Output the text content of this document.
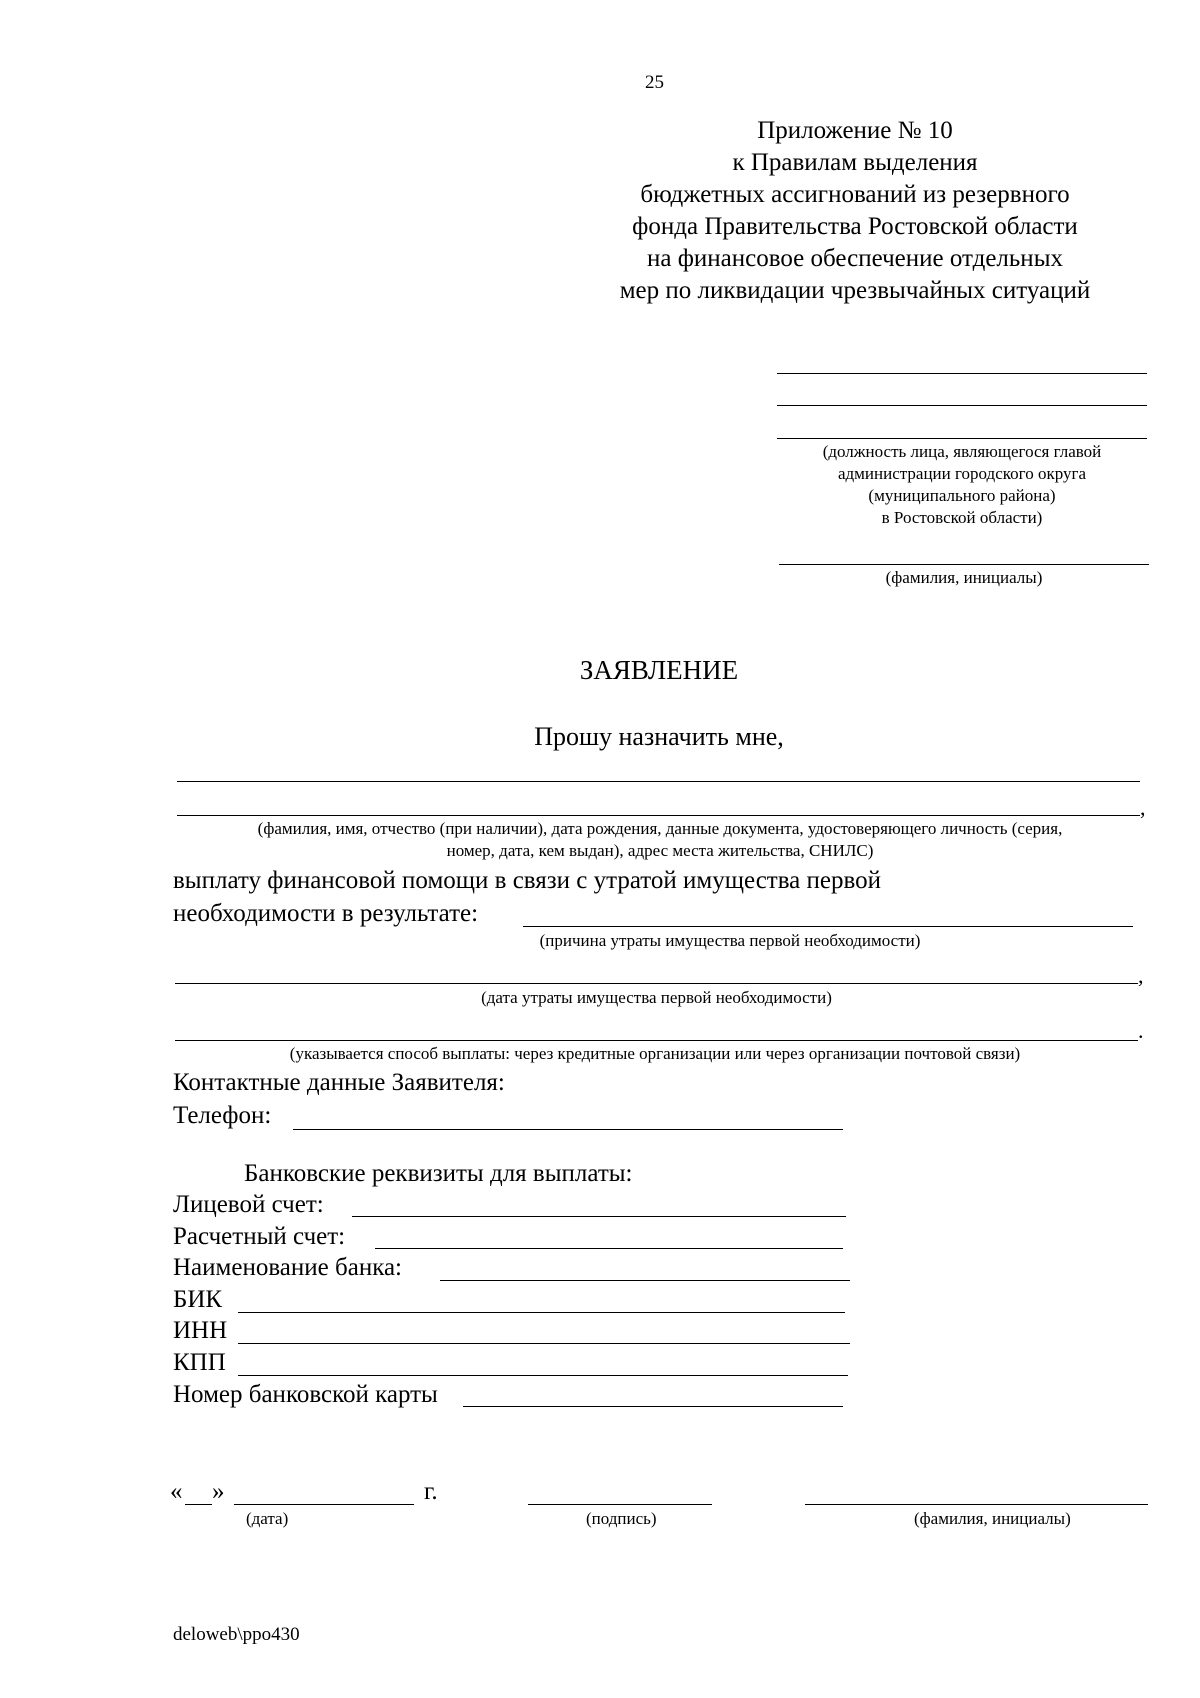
25
Приложение № 10
к Правилам выделения
бюджетных ассигнований из резервного
фонда Правительства Ростовской области
на финансовое обеспечение отдельных
мер по ликвидации чрезвычайных ситуаций
(должность лица, являющегося главой
администрации городского округа
(муниципального района)
в Ростовской области)
(фамилия, инициалы)
ЗАЯВЛЕНИЕ
Прошу назначить мне,
,
(фамилия, имя, отчество (при наличии), дата рождения, данные документа, удостоверяющего личность (серия,
номер, дата, кем выдан), адрес места жительства, СНИЛС)
выплату финансовой помощи в связи с утратой имущества первой
необходимости в результате:
(причина утраты имущества первой необходимости)
,
(дата утраты имущества первой необходимости)
.
(указывается способ выплаты: через кредитные организации или через организации почтовой связи)
Контактные данные Заявителя:
Телефон:
Банковские реквизиты для выплаты:
Лицевой счет:
Расчетный счет:
Наименование банка:
БИК
ИНН
КПП
Номер банковской карты
« »	г.
(дата)	(подпись)	(фамилия, инициалы)
deloweb\ppo430
